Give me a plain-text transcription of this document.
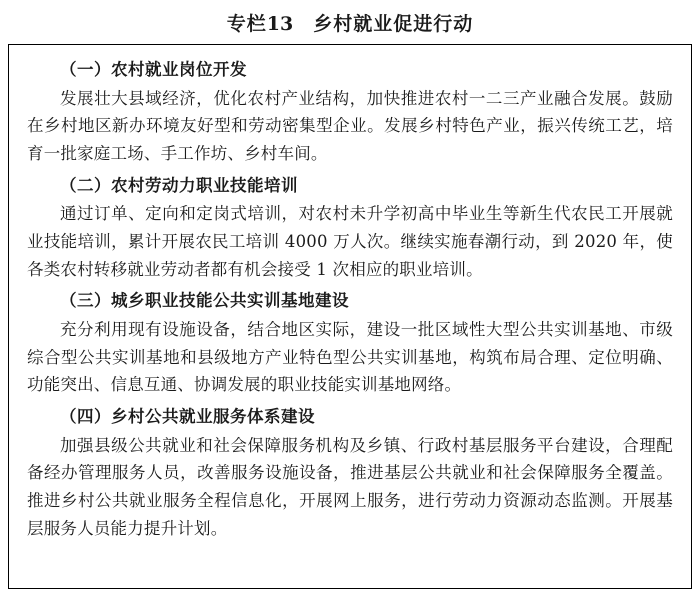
专栏13 乡村就业促进行动
（一）农村就业岗位开发
发展壮大县域经济，优化农村产业结构，加快推进农村一二三产业融合发展。鼓励在乡村地区新办环境友好型和劳动密集型企业。发展乡村特色产业，振兴传统工艺，培育一批家庭工场、手工作坊、乡村车间。
（二）农村劳动力职业技能培训
通过订单、定向和定岗式培训，对农村未升学初高中毕业生等新生代农民工开展就业技能培训，累计开展农民工培训 4000 万人次。继续实施春潮行动，到 2020 年，使各类农村转移就业劳动者都有机会接受 1 次相应的职业培训。
（三）城乡职业技能公共实训基地建设
充分利用现有设施设备，结合地区实际，建设一批区域性大型公共实训基地、市级综合型公共实训基地和县级地方产业特色型公共实训基地，构筑布局合理、定位明确、功能突出、信息互通、协调发展的职业技能实训基地网络。
（四）乡村公共就业服务体系建设
加强县级公共就业和社会保障服务机构及乡镇、行政村基层服务平台建设，合理配备经办管理服务人员，改善服务设施设备，推进基层公共就业和社会保障服务全覆盖。推进乡村公共就业服务全程信息化，开展网上服务，进行劳动力资源动态监测。开展基层服务人员能力提升计划。
